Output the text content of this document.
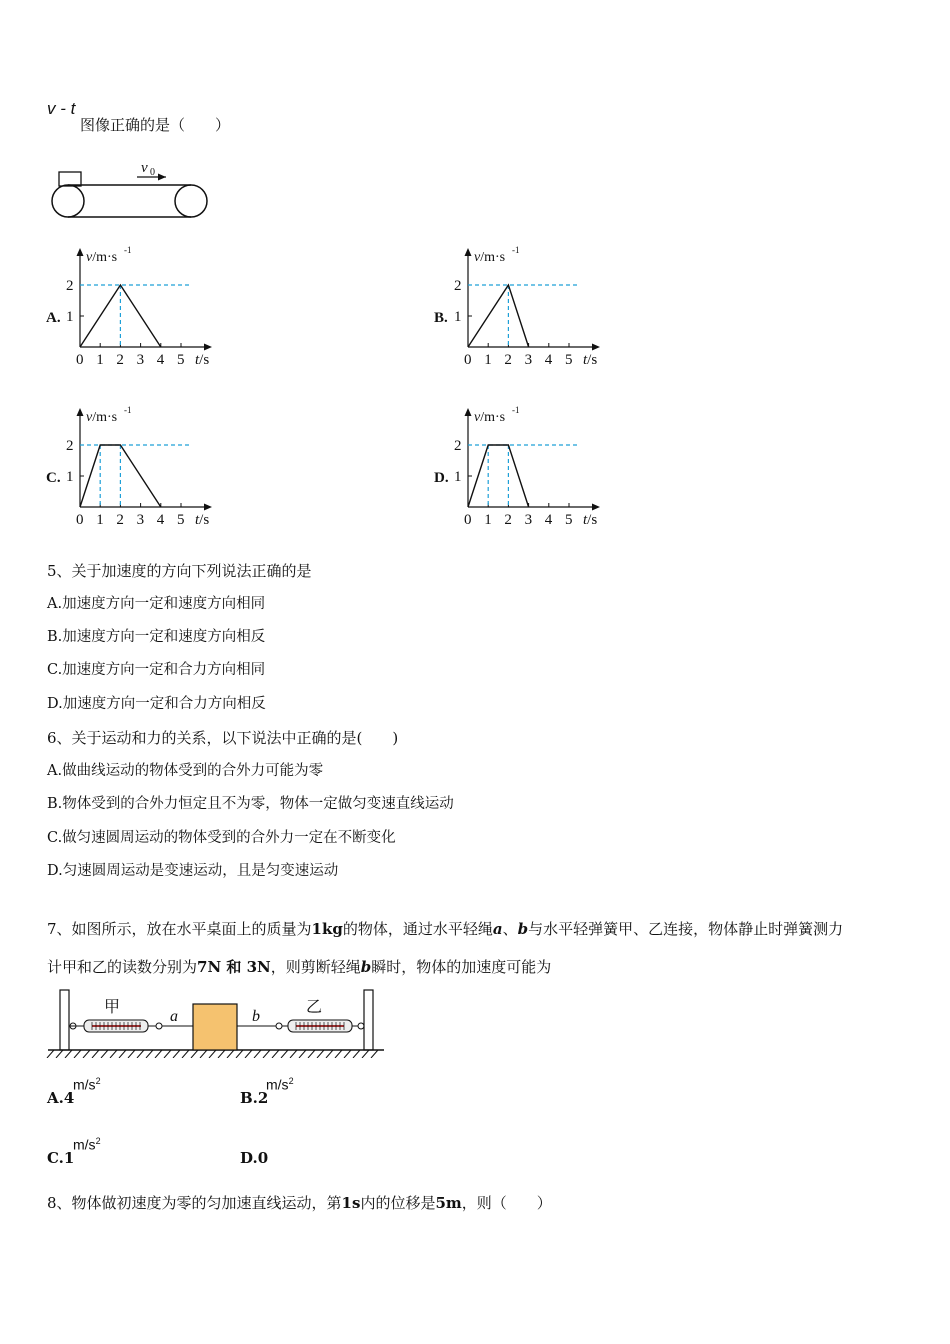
v - t
图像正确的是（　　）
v 0
A.
v/m·s -1
2
1
0 1 2 3 4 5 t/s
B.
v/m·s -1
2
1
0 1 2 3 4 5 t/s
C.
v/m·s -1
2
1
0 1 2 3 4 5 t/s
D.
v/m·s -1
2
1
0 1 2 3 4 5 t/s
5、关于加速度的方向下列说法正确的是
A.加速度方向一定和速度方向相同
B.加速度方向一定和速度方向相反
C.加速度方向一定和合力方向相同
D.加速度方向一定和合力方向相反
6、关于运动和力的关系，以下说法中正确的是(　　)
A.做曲线运动的物体受到的合外力可能为零
B.物体受到的合外力恒定且不为零，物体一定做匀变速直线运动
C.做匀速圆周运动的物体受到的合外力一定在不断变化
D.匀速圆周运动是变速运动，且是匀变速运动
7、如图所示，放在水平桌面上的质量为1kg的物体，通过水平轻绳a、b与水平轻弹簧甲、乙连接，物体静止时弹簧测力
计甲和乙的读数分别为7N 和 3N，则剪断轻绳b瞬时，物体的加速度可能为
甲	乙
a	b
A.4
$m/s^2$
B.2
$m/s^2$
C.1
$m/s^2$
D.0
8、物体做初速度为零的匀加速直线运动，第1s内的位移是5m，则（　　）
